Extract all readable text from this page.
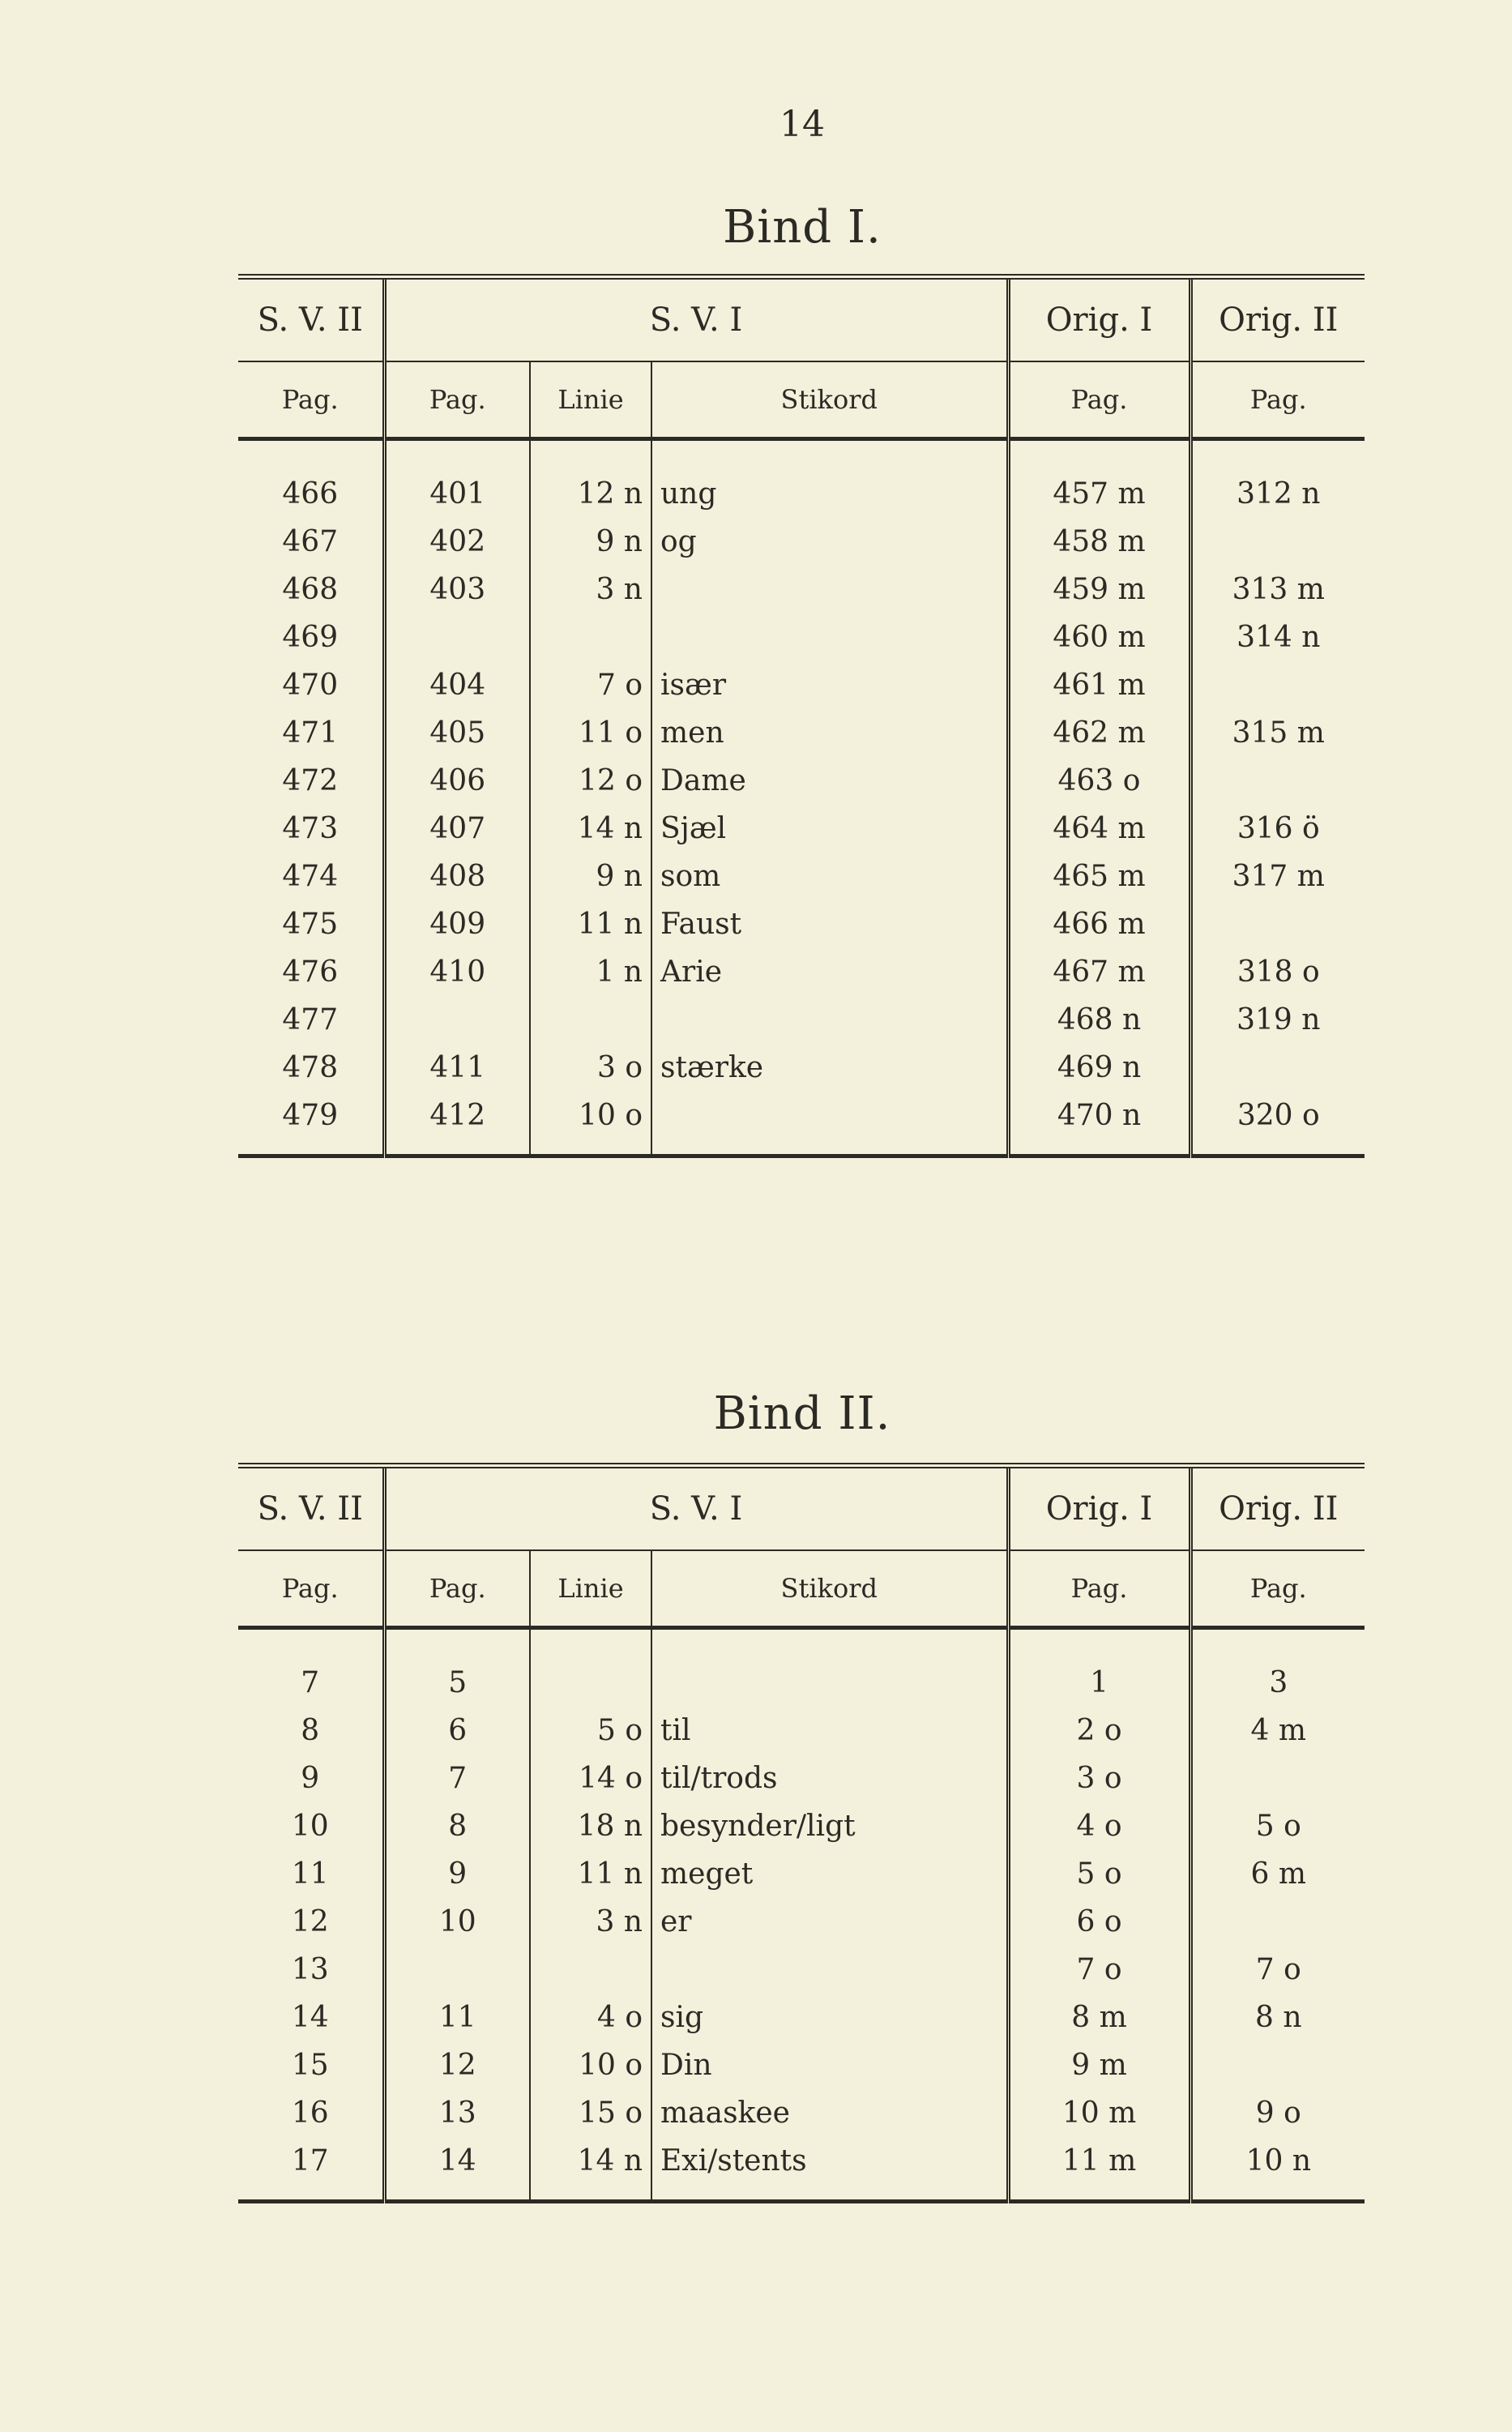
14
Bind I.
S. V. II	S. V. I			Orig. I	Orig. II
Pag.	Pag.	Linie	Stikord	Pag.	Pag.

466	401	12 n	ung	457 m	312 n
467	402	9 n	og	458 m	
468	403	3 n		459 m	313 m
469				460 m	314 n
470	404	7 o	især	461 m	
471	405	11 o	men	462 m	315 m
472	406	12 o	Dame	463 o	
473	407	14 n	Sjæl	464 m	316 ö
474	408	9 n	som	465 m	317 m
475	409	11 n	Faust	466 m	
476	410	1 n	Arie	467 m	318 o
477				468 n	319 n
478	411	3 o	stærke	469 n	
479	412	10 o		470 n	320 o

Bind II.
S. V. II	S. V. I			Orig. I	Orig. II
Pag.	Pag.	Linie	Stikord	Pag.	Pag.

7	5			1	3
8	6	5 o	til	2 o	4 m
9	7	14 o	til/trods	3 o	
10	8	18 n	besynder/ligt	4 o	5 o
11	9	11 n	meget	5 o	6 m
12	10	3 n	er	6 o	
13				7 o	7 o
14	11	4 o	sig	8 m	8 n
15	12	10 o	Din	9 m	
16	13	15 o	maaskee	10 m	9 o
17	14	14 n	Exi/stents	11 m	10 n
